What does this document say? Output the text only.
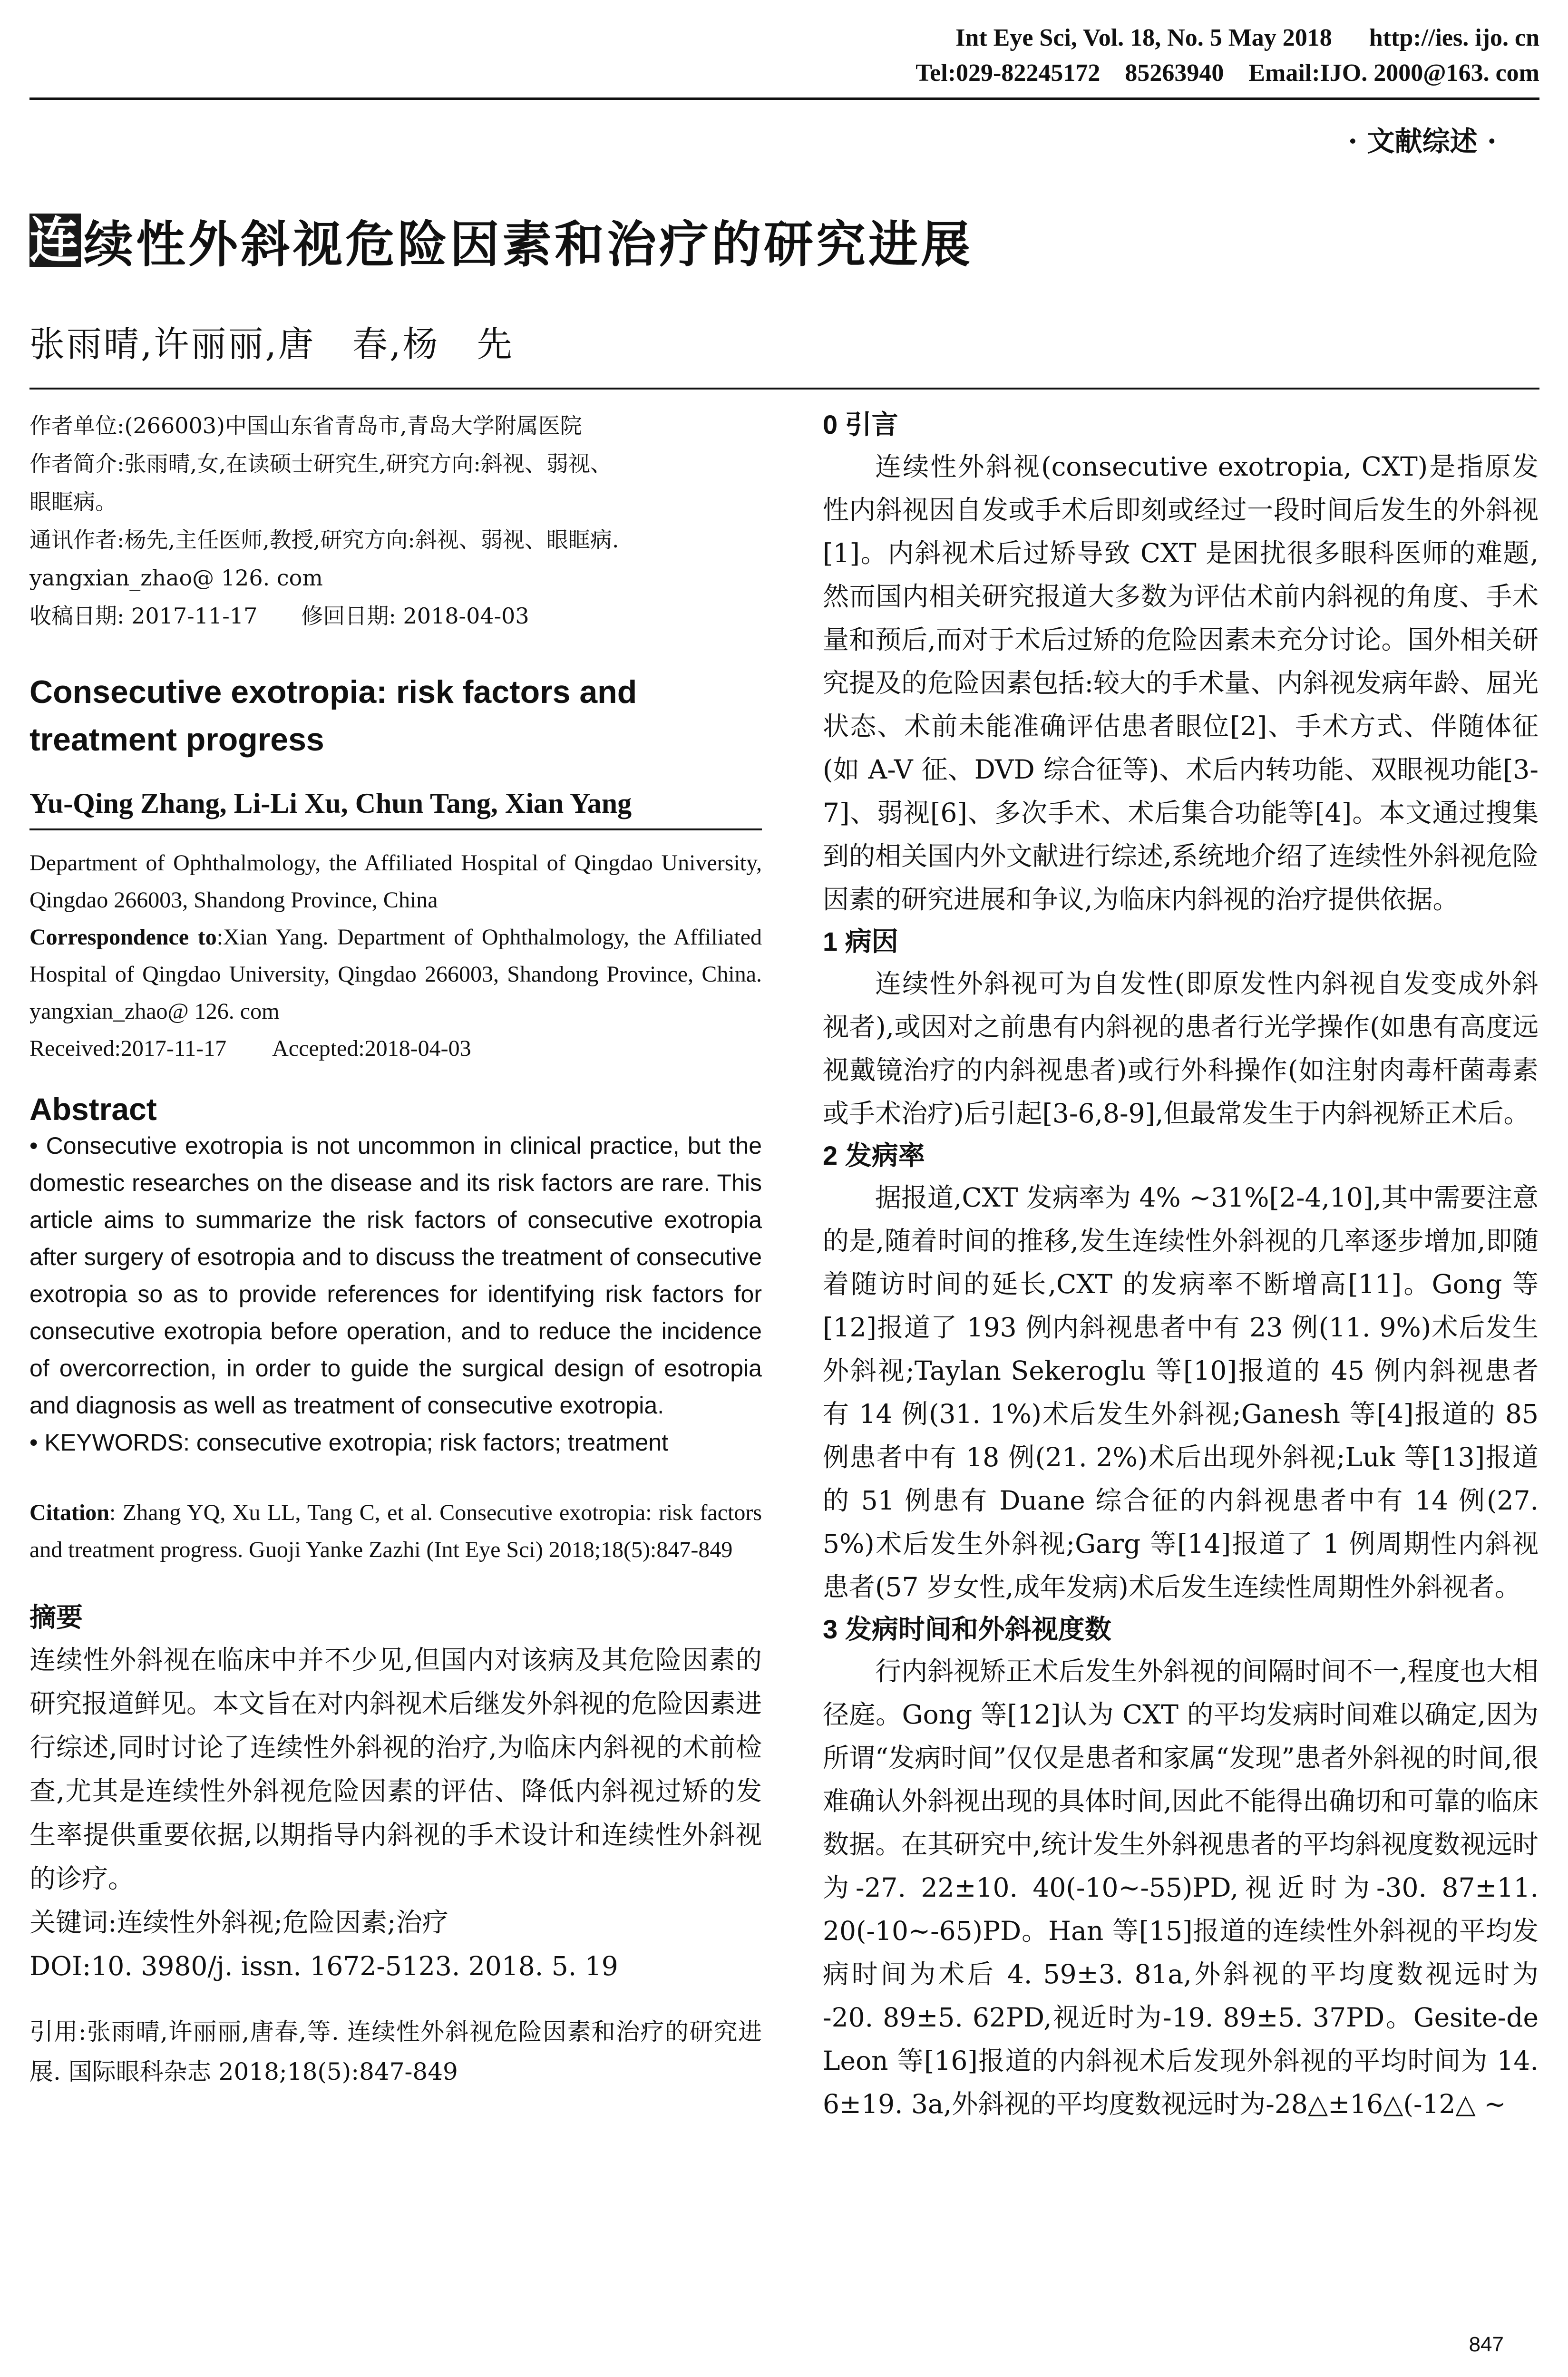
Int Eye Sci, Vol. 18, No. 5 May 2018      http://ies. ijo. cn
Tel:029-82245172    85263940    Email:IJO. 2000@163. com
· 文献综述 ·
连 续性外斜视危险因素和治疗的研究进展
张雨晴,许丽丽,唐　春,杨　先
作者单位:(266003)中国山东省青岛市,青岛大学附属医院
作者简介:张雨晴,女,在读硕士研究生,研究方向:斜视、弱视、
眼眶病。
通讯作者:杨先,主任医师,教授,研究方向:斜视、弱视、眼眶病.
yangxian_zhao@ 126. com
收稿日期: 2017-11-17　　修回日期: 2018-04-03
Consecutive exotropia: risk factors and treatment progress
Yu-Qing Zhang, Li-Li Xu, Chun Tang, Xian Yang
Department of Ophthalmology, the Affiliated Hospital of Qingdao University, Qingdao 266003, Shandong Province, China
Correspondence to:Xian Yang. Department of Ophthalmology, the Affiliated Hospital of Qingdao University, Qingdao 266003, Shandong Province, China. yangxian_zhao@ 126. com
Received:2017-11-17　　Accepted:2018-04-03
Abstract
• Consecutive exotropia is not uncommon in clinical practice, but the domestic researches on the disease and its risk factors are rare. This article aims to summarize the risk factors of consecutive exotropia after surgery of esotropia and to discuss the treatment of consecutive exotropia so as to provide references for identifying risk factors for consecutive exotropia before operation, and to reduce the incidence of overcorrection, in order to guide the surgical design of esotropia and diagnosis as well as treatment of consecutive exotropia.
• KEYWORDS: consecutive exotropia; risk factors; treatment
Citation: Zhang YQ, Xu LL, Tang C, et al. Consecutive exotropia: risk factors and treatment progress. Guoji Yanke Zazhi (Int Eye Sci) 2018;18(5):847-849
摘要
连续性外斜视在临床中并不少见,但国内对该病及其危险因素的研究报道鲜见。本文旨在对内斜视术后继发外斜视的危险因素进行综述,同时讨论了连续性外斜视的治疗,为临床内斜视的术前检查,尤其是连续性外斜视危险因素的评估、降低内斜视过矫的发生率提供重要依据,以期指导内斜视的手术设计和连续性外斜视的诊疗。
关键词:连续性外斜视;危险因素;治疗
DOI:10. 3980/j. issn. 1672-5123. 2018. 5. 19
引用:张雨晴,许丽丽,唐春,等. 连续性外斜视危险因素和治疗的研究进展. 国际眼科杂志 2018;18(5):847-849
0 引言
连续性外斜视(consecutive exotropia, CXT)是指原发性内斜视因自发或手术后即刻或经过一段时间后发生的外斜视[1]。内斜视术后过矫导致 CXT 是困扰很多眼科医师的难题,然而国内相关研究报道大多数为评估术前内斜视的角度、手术量和预后,而对于术后过矫的危险因素未充分讨论。国外相关研究提及的危险因素包括:较大的手术量、内斜视发病年龄、屈光状态、术前未能准确评估患者眼位[2]、手术方式、伴随体征(如 A-V 征、DVD 综合征等)、术后内转功能、双眼视功能[3-7]、弱视[6]、多次手术、术后集合功能等[4]。本文通过搜集到的相关国内外文献进行综述,系统地介绍了连续性外斜视危险因素的研究进展和争议,为临床内斜视的治疗提供依据。
1 病因
连续性外斜视可为自发性(即原发性内斜视自发变成外斜视者),或因对之前患有内斜视的患者行光学操作(如患有高度远视戴镜治疗的内斜视患者)或行外科操作(如注射肉毒杆菌毒素或手术治疗)后引起[3-6,8-9],但最常发生于内斜视矫正术后。
2 发病率
据报道,CXT 发病率为 4% ~31%[2-4,10],其中需要注意的是,随着时间的推移,发生连续性外斜视的几率逐步增加,即随着随访时间的延长,CXT 的发病率不断增高[11]。Gong 等[12]报道了 193 例内斜视患者中有 23 例(11. 9%)术后发生外斜视;Taylan Sekeroglu 等[10]报道的 45 例内斜视患者有 14 例(31. 1%)术后发生外斜视;Ganesh 等[4]报道的 85 例患者中有 18 例(21. 2%)术后出现外斜视;Luk 等[13]报道的 51 例患有 Duane 综合征的内斜视患者中有 14 例(27. 5%)术后发生外斜视;Garg 等[14]报道了 1 例周期性内斜视患者(57 岁女性,成年发病)术后发生连续性周期性外斜视者。
3 发病时间和外斜视度数
行内斜视矫正术后发生外斜视的间隔时间不一,程度也大相径庭。Gong 等[12]认为 CXT 的平均发病时间难以确定,因为所谓“发病时间”仅仅是患者和家属“发现”患者外斜视的时间,很难确认外斜视出现的具体时间,因此不能得出确切和可靠的临床数据。在其研究中,统计发生外斜视患者的平均斜视度数视远时为-27. 22±10. 40(-10~-55)PD,视近时为-30. 87±11. 20(-10~-65)PD。Han 等[15]报道的连续性外斜视的平均发病时间为术后 4. 59±3. 81a,外斜视的平均度数视远时为 -20. 89±5. 62PD,视近时为-19. 89±5. 37PD。Gesite-de Leon 等[16]报道的内斜视术后发现外斜视的平均时间为 14. 6±19. 3a,外斜视的平均度数视远时为-28△±16△(-12△ ~
847
